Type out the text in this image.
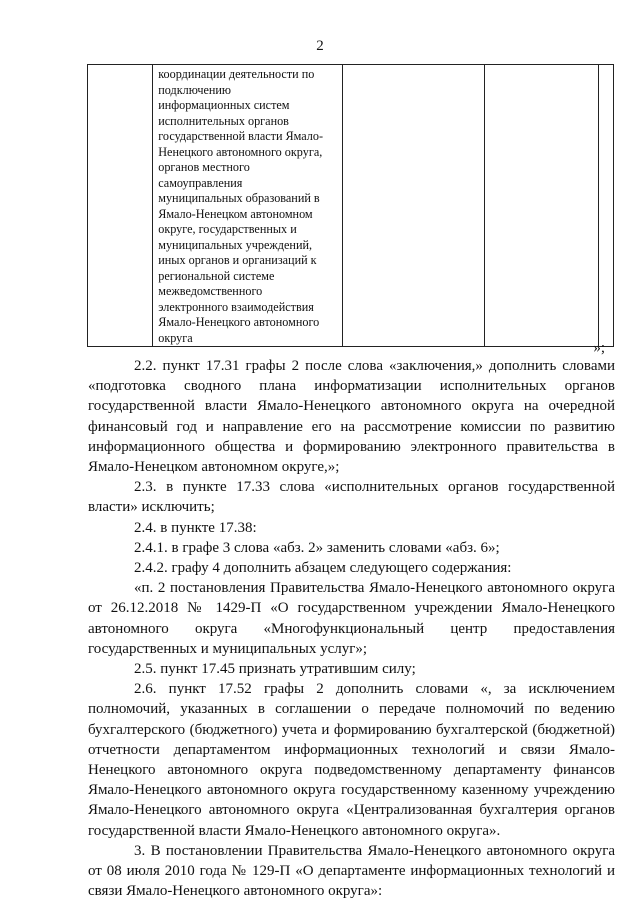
2

координации деятельности по
подключению
информационных систем
исполнительных органов
государственной власти Ямало-
Ненецкого автономного округа,
органов местного
самоуправления
муниципальных образований в
Ямало-Ненецком автономном
округе, государственных и
муниципальных учреждений,
иных органов и организаций к
региональной системе
межведомственного
электронного взаимодействия
Ямало-Ненецкого автономного
округа

»;

2.2. пункт 17.31 графы 2 после слова «заключения,» дополнить словами «подготовка сводного плана информатизации исполнительных органов государственной власти Ямало-Ненецкого автономного округа на очередной финансовый год и направление его на рассмотрение комиссии по развитию информационного общества и формированию электронного правительства в Ямало-Ненецком автономном округе,»;

2.3. в пункте 17.33 слова «исполнительных органов государственной власти» исключить;

2.4. в пункте 17.38:

2.4.1. в графе 3 слова «абз. 2» заменить словами «абз. 6»;

2.4.2. графу 4 дополнить абзацем следующего содержания:

«п. 2 постановления Правительства Ямало-Ненецкого автономного округа от 26.12.2018 № 1429-П «О государственном учреждении Ямало-Ненецкого автономного округа «Многофункциональный центр предоставления государственных и муниципальных услуг»;

2.5. пункт 17.45 признать утратившим силу;

2.6. пункт 17.52 графы 2 дополнить словами «, за исключением полномочий, указанных в соглашении о передаче полномочий по ведению бухгалтерского (бюджетного) учета и формированию бухгалтерской (бюджетной) отчетности департаментом информационных технологий и связи Ямало-Ненецкого автономного округа подведомственному департаменту финансов Ямало-Ненецкого автономного округа государственному казенному учреждению Ямало-Ненецкого автономного округа «Централизованная бухгалтерия органов государственной власти Ямало-Ненецкого автономного округа».

3. В постановлении Правительства Ямало-Ненецкого автономного округа от 08 июля 2010 года № 129-П «О департаменте информационных технологий и связи Ямало-Ненецкого автономного округа»:
